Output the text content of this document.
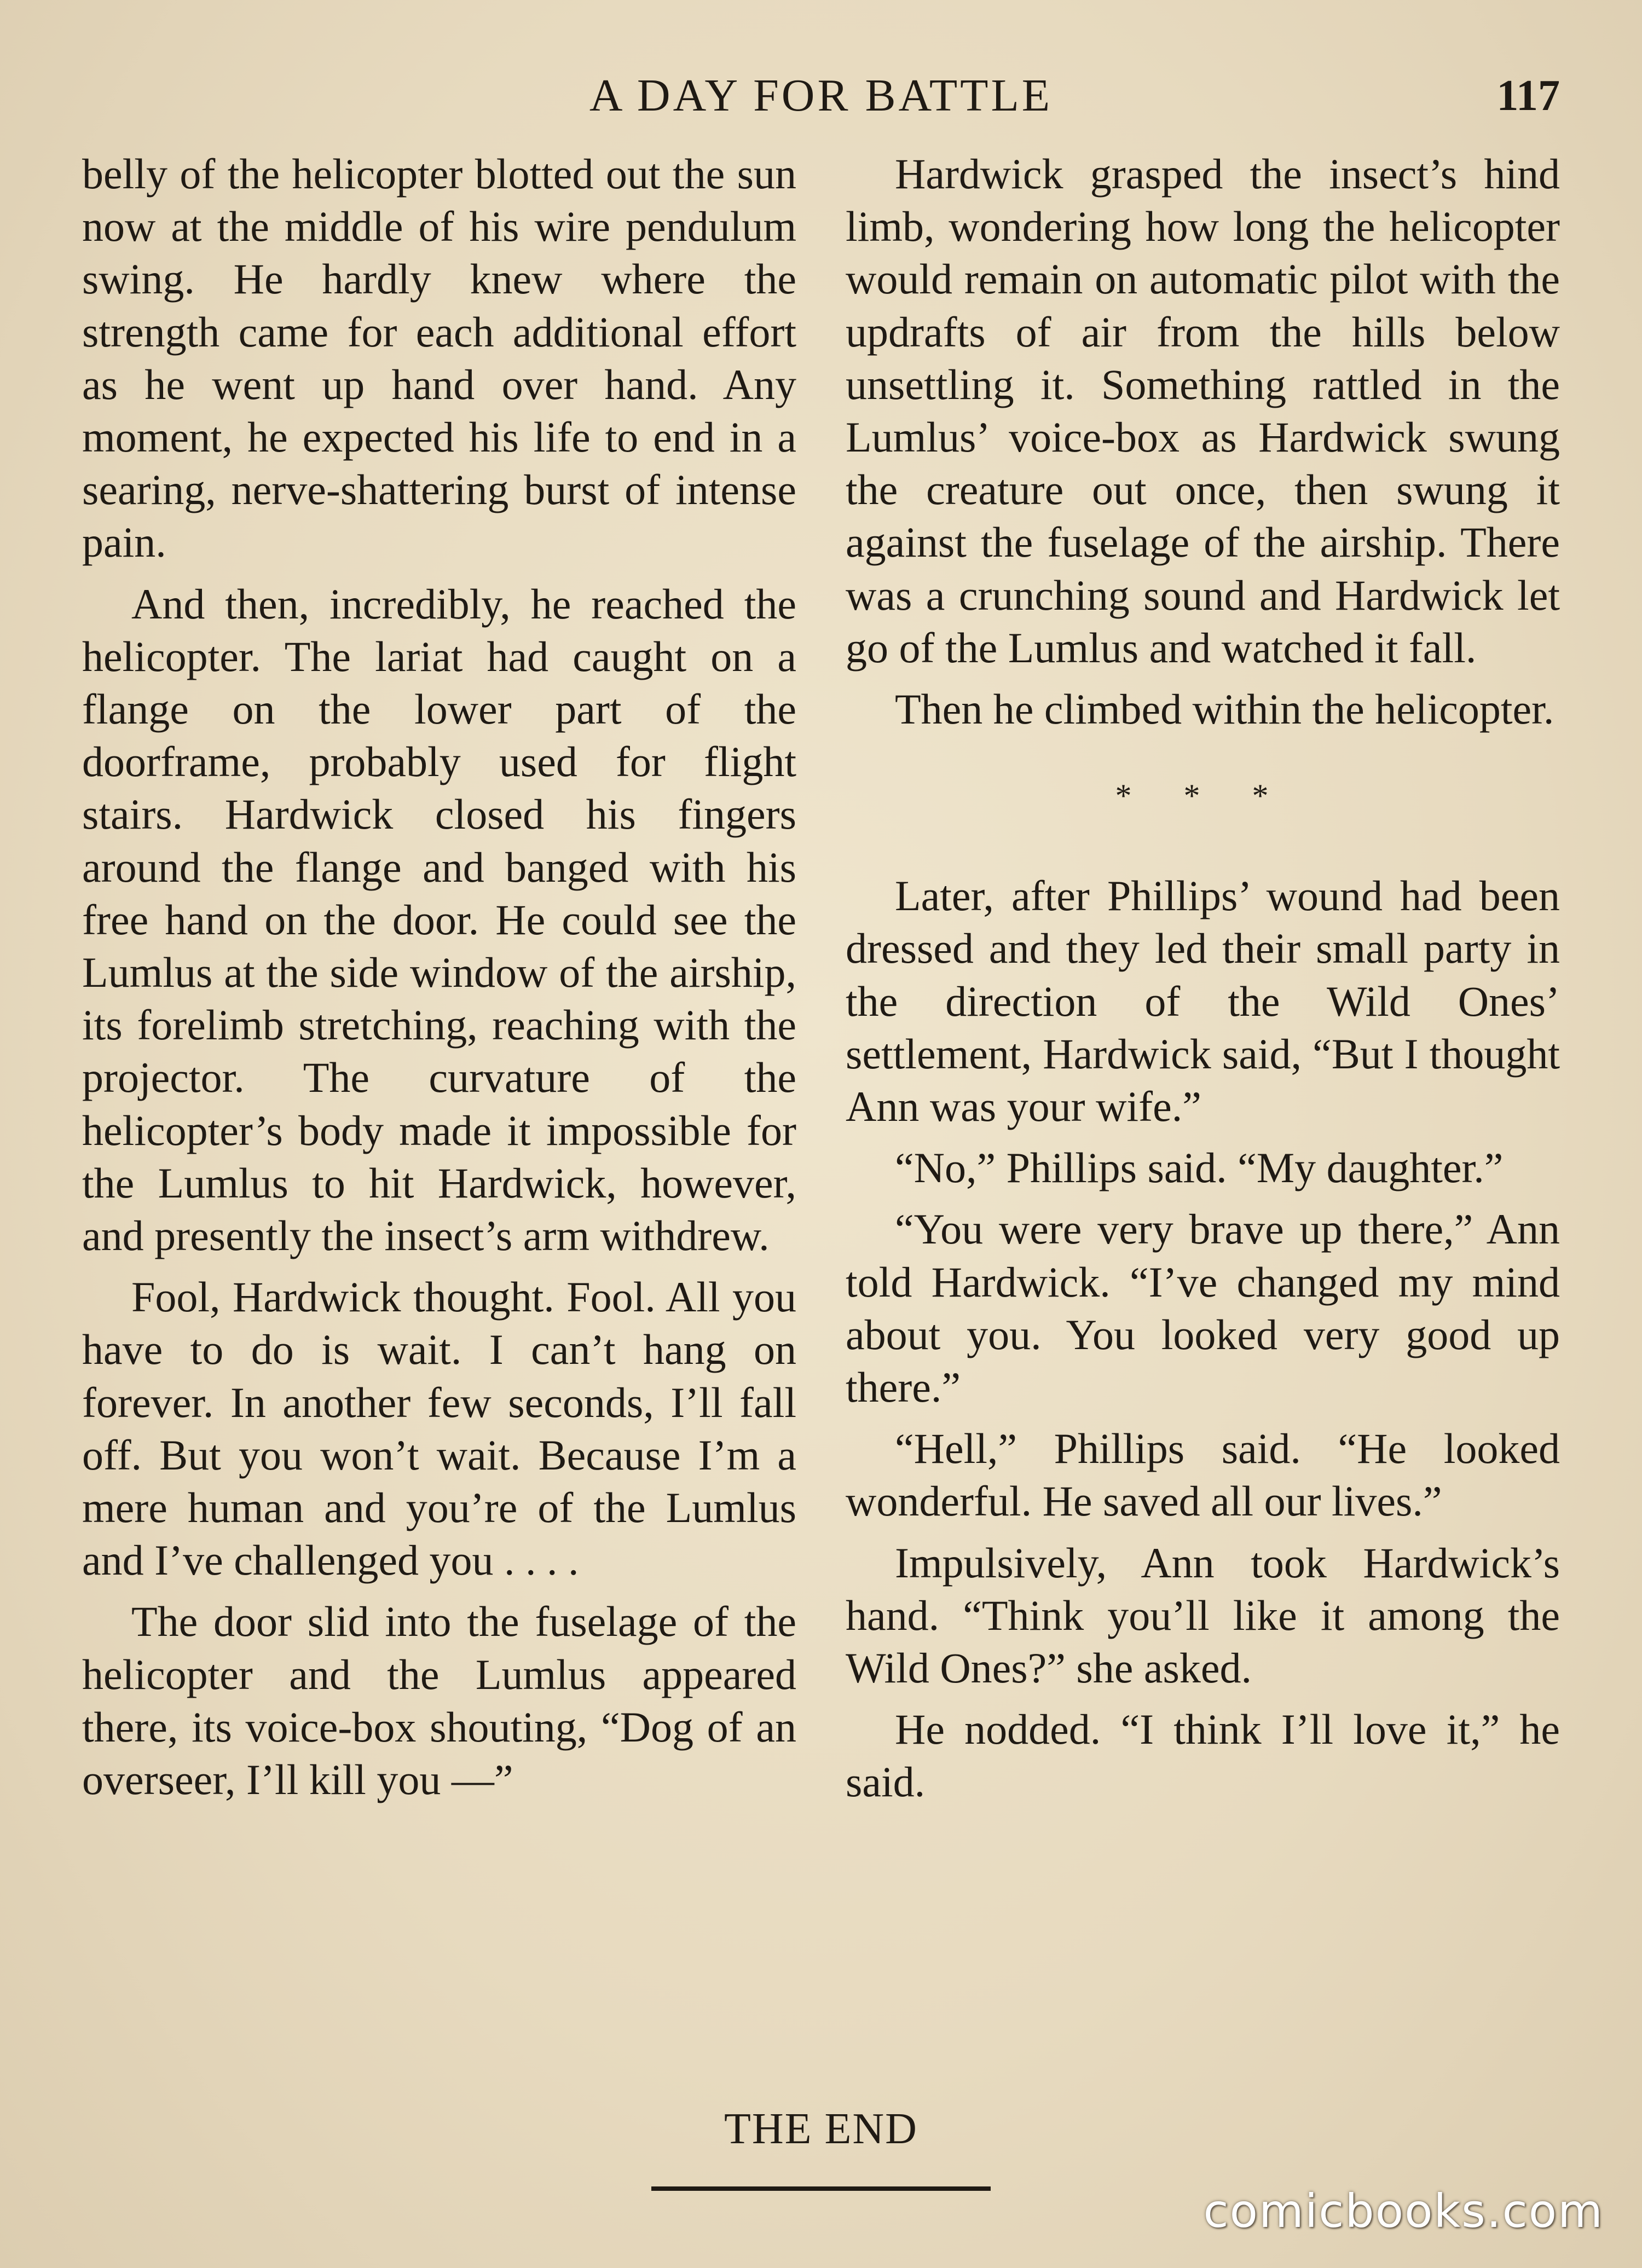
A DAY FOR BATTLE	117

belly of the helicopter blotted out the sun now at the middle of his wire pendulum swing. He hardly knew where the strength came for each additional effort as he went up hand over hand. Any moment, he expected his life to end in a searing, nerve-shattering burst of intense pain.

And then, incredibly, he reached the helicopter. The lariat had caught on a flange on the lower part of the doorframe, probably used for flight stairs. Hardwick closed his fingers around the flange and banged with his free hand on the door. He could see the Lumlus at the side window of the airship, its forelimb stretching, reaching with the projector. The curvature of the helicopter’s body made it impossible for the Lumlus to hit Hardwick, however, and presently the insect’s arm withdrew.

Fool, Hardwick thought. Fool. All you have to do is wait. I can’t hang on forever. In another few seconds, I’ll fall off. But you won’t wait. Because I’m a mere human and you’re of the Lumlus and I’ve challenged you . . . .

The door slid into the fuselage of the helicopter and the Lumlus appeared there, its voice-box shouting, “Dog of an overseer, I’ll kill you —”

Hardwick grasped the insect’s hind limb, wondering how long the helicopter would remain on automatic pilot with the updrafts of air from the hills below unsettling it. Something rattled in the Lumlus’ voice-box as Hardwick swung the creature out once, then swung it against the fuselage of the airship. There was a crunching sound and Hardwick let go of the Lumlus and watched it fall.

Then he climbed within the helicopter.

* * *

Later, after Phillips’ wound had been dressed and they led their small party in the direction of the Wild Ones’ settlement, Hardwick said, “But I thought Ann was your wife.”

“No,” Phillips said. “My daughter.”

“You were very brave up there,” Ann told Hardwick. “I’ve changed my mind about you. You looked very good up there.”

“Hell,” Phillips said. “He looked wonderful. He saved all our lives.”

Impulsively, Ann took Hardwick’s hand. “Think you’ll like it among the Wild Ones?” she asked.

He nodded. “I think I’ll love it,” he said.

THE END
comicbooks.com
